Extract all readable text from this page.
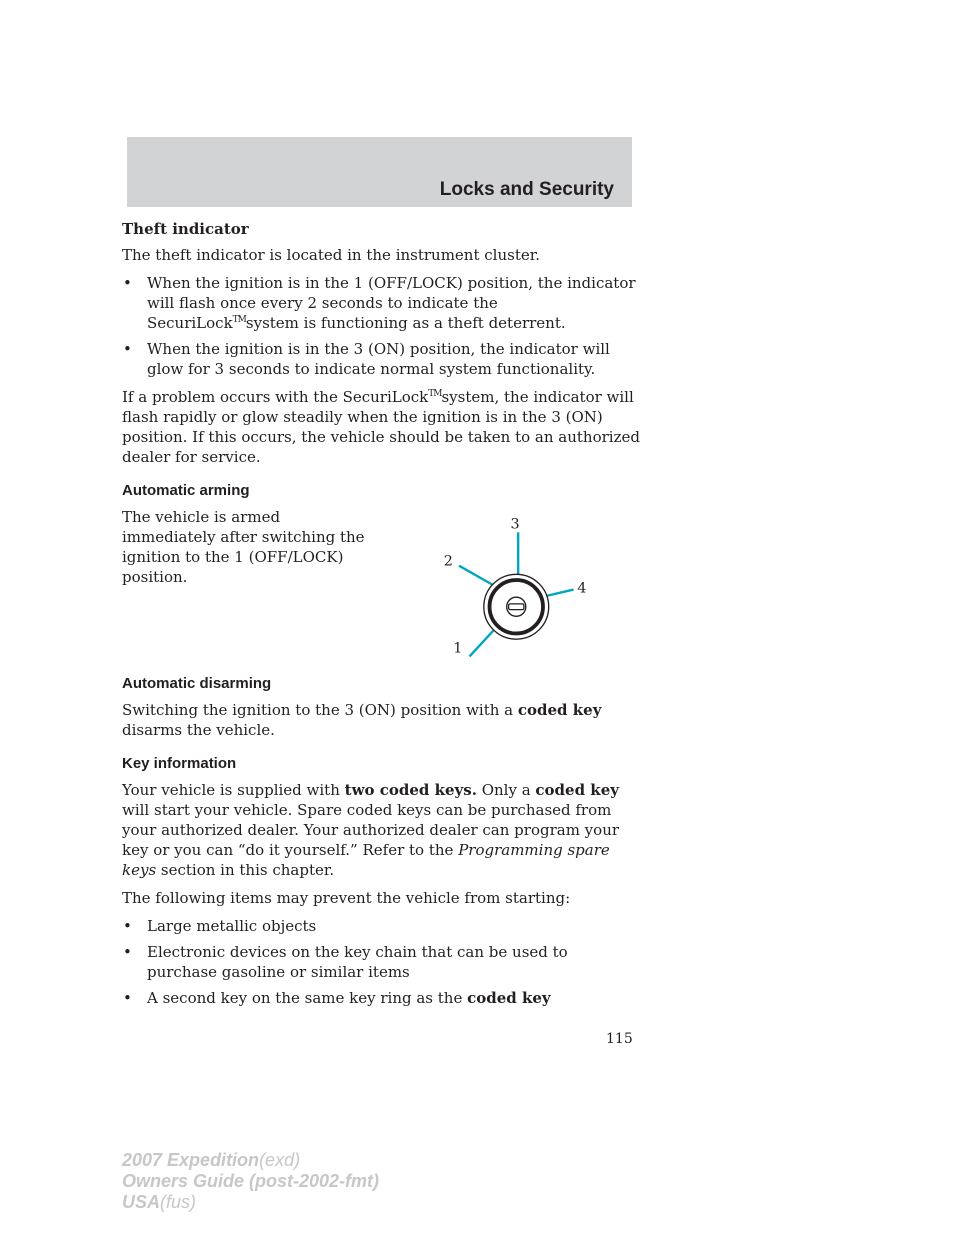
Locks and Security
Theft indicator

The theft indicator is located in the instrument cluster.

• When the ignition is in the 1 (OFF/LOCK) position, the indicator will flash once every 2 seconds to indicate the SecuriLock™system is functioning as a theft deterrent.
• When the ignition is in the 3 (ON) position, the indicator will glow for 3 seconds to indicate normal system functionality.

If a problem occurs with the SecuriLock™system, the indicator will flash rapidly or glow steadily when the ignition is in the 3 (ON) position. If this occurs, the vehicle should be taken to an authorized dealer for service.

Automatic arming

The vehicle is armed immediately after switching the ignition to the 1 (OFF/LOCK) position.

3
2
4
1
Automatic disarming

Switching the ignition to the 3 (ON) position with a coded key disarms the vehicle.

Key information

Your vehicle is supplied with two coded keys. Only a coded key will start your vehicle. Spare coded keys can be purchased from your authorized dealer. Your authorized dealer can program your key or you can “do it yourself.” Refer to the Programming spare keys section in this chapter.

The following items may prevent the vehicle from starting:

• Large metallic objects
• Electronic devices on the key chain that can be used to purchase gasoline or similar items
• A second key on the same key ring as the coded key
115
2007 Expedition(exd)
Owners Guide (post-2002-fmt)
USA(fus)
